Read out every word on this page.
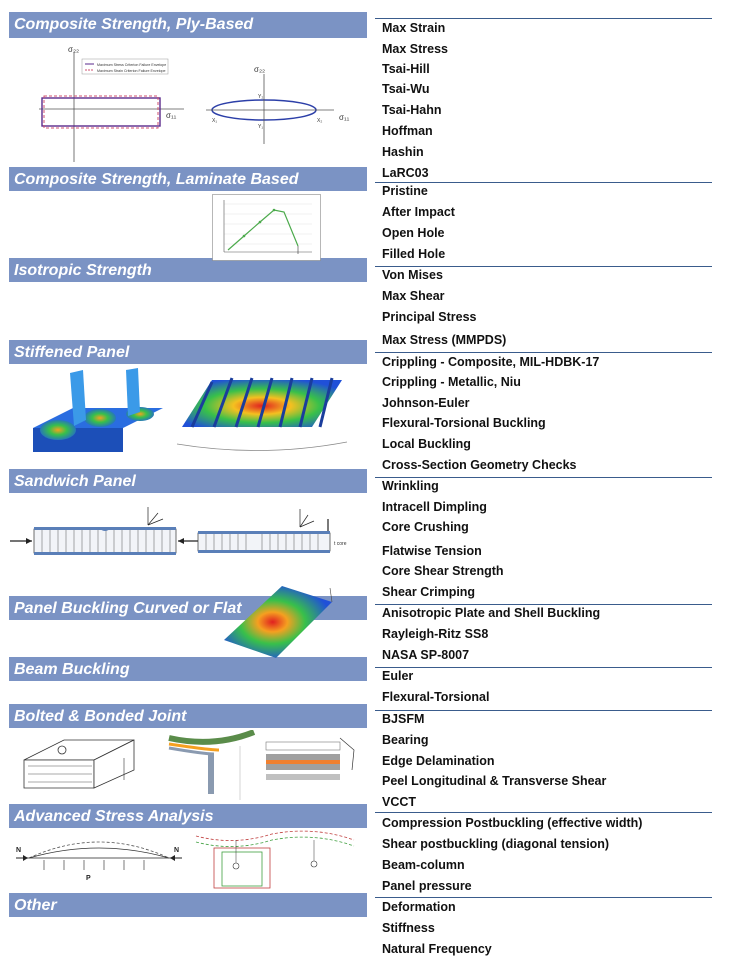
Composite Strength, Ply-Based
Composite Strength, Laminate Based
Isotropic Strength
Stiffened Panel
Sandwich Panel
Panel Buckling Curved or Flat
Beam Buckling
Bolted & Bonded Joint
Advanced Stress Analysis
Other
Max Strain
Max Stress
Tsai-Hill
Tsai-Wu
Tsai-Hahn
Hoffman
Hashin
LaRC03
Pristine
After Impact
Open Hole
Filled Hole
Von Mises
Max Shear
Principal Stress
Max Stress (MMPDS)
Crippling - Composite, MIL-HDBK-17
Crippling - Metallic, Niu
Johnson-Euler
Flexural-Torsional Buckling
Local Buckling
Cross-Section Geometry Checks
Wrinkling
Intracell Dimpling
Core Crushing
Flatwise Tension
Core Shear Strength
Shear Crimping
Anisotropic Plate and Shell Buckling
Rayleigh-Ritz SS8
NASA SP-8007
Euler
Flexural-Torsional
BJSFM
Bearing
Edge Delamination
Peel Longitudinal & Transverse Shear
VCCT
Compression Postbuckling (effective width)
Shear postbuckling (diagonal tension)
Beam-column
Panel pressure
Deformation
Stiffness
Natural Frequency
Maximum Stress Criterion Failure Envelope
Maximum Strain Criterion Failure Envelope
σ₂₂
σ₁₁
σ₂₂
σ₁₁
X₁	X₂
Y₂
Y₁
t core
N	N
P
